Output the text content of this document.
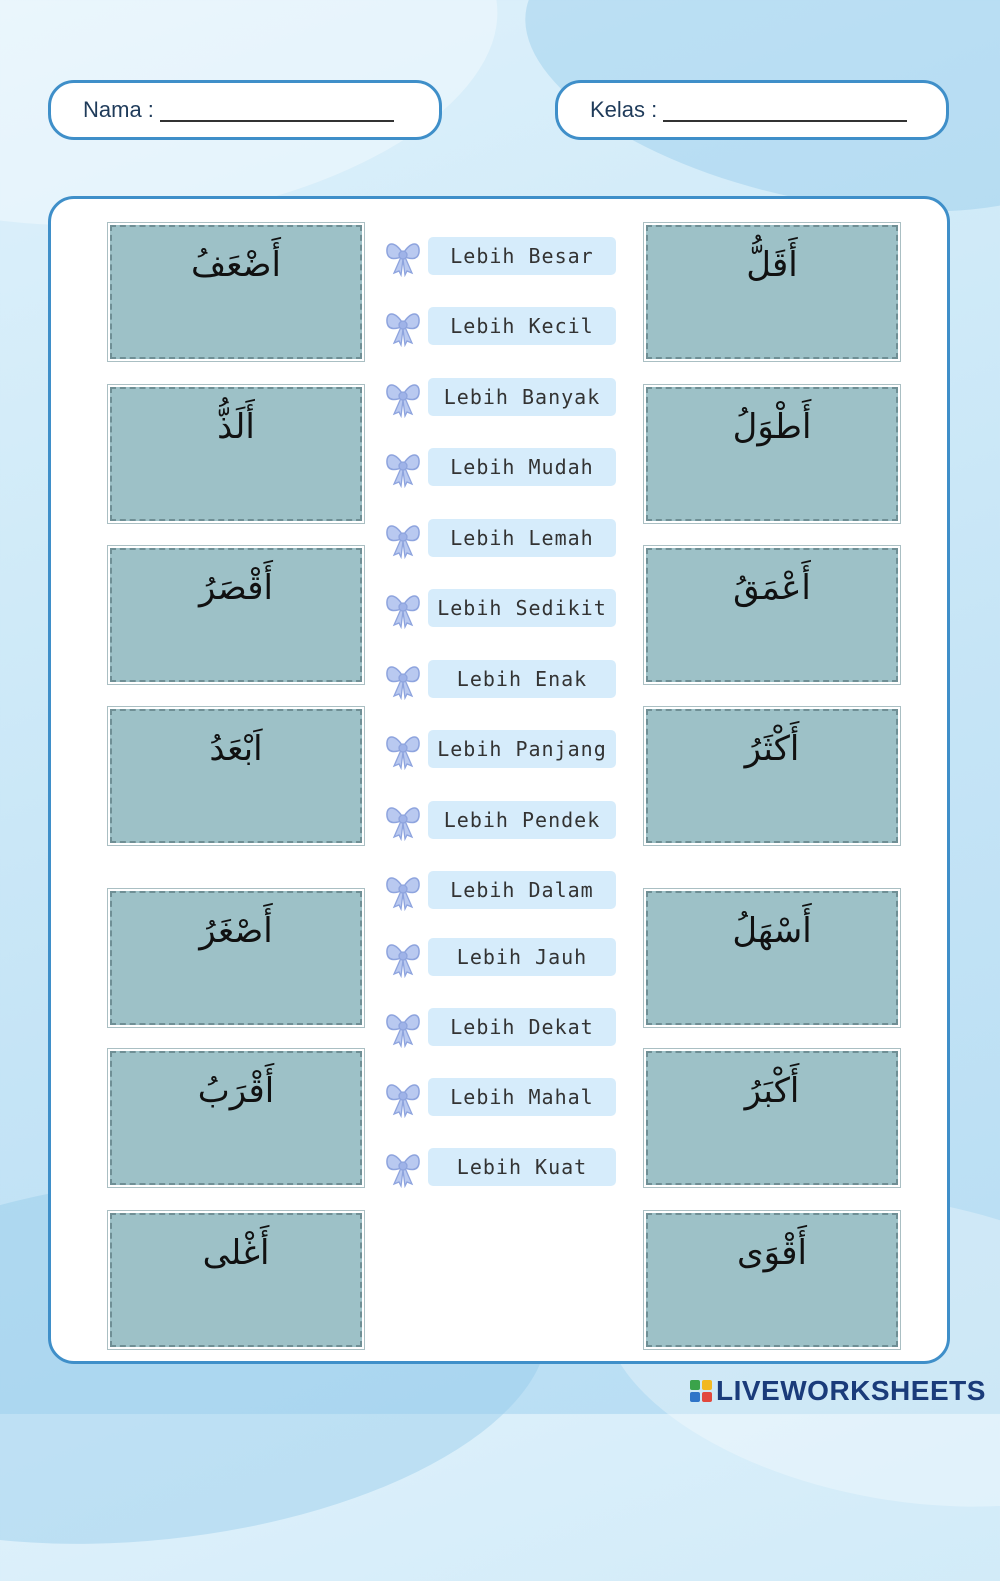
Nama :	Kelas :
أَضْعَفُ
أَلَذُّ
أَقْصَرُ
اَبْعَدُ
أَصْغَرُ
أَقْرَبُ
أَغْلى
أَقَلُّ
أَطْوَلُ
أَعْمَقُ
أَكْثَرُ
أَسْهَلُ
أَكْبَرُ
أَقْوَى
Lebih Besar
Lebih Kecil
Lebih Banyak
Lebih Mudah
Lebih Lemah
Lebih Sedikit
Lebih Enak
Lebih Panjang
Lebih Pendek
Lebih Dalam
Lebih Jauh
Lebih Dekat
Lebih Mahal
Lebih Kuat
LIVEWORKSHEETS
